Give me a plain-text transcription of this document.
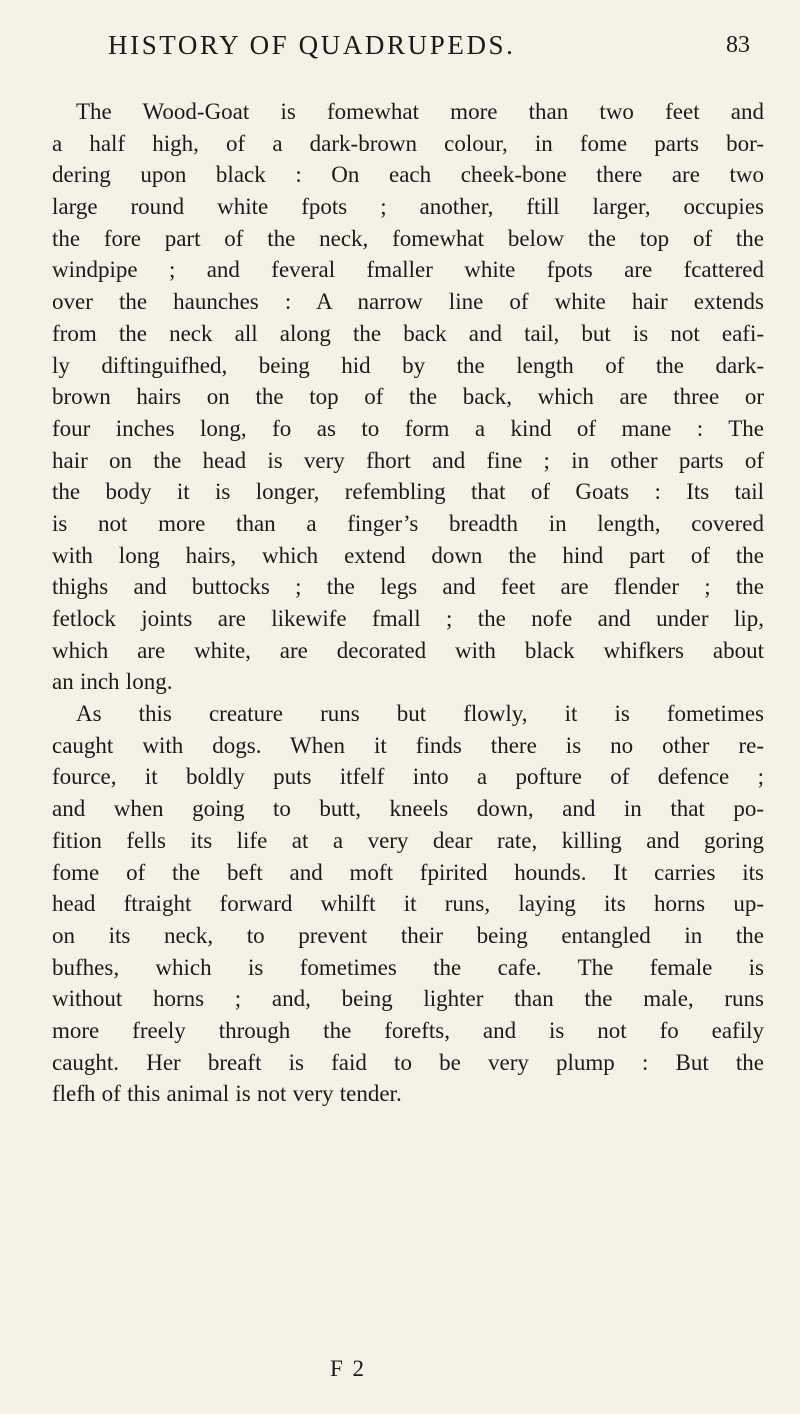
HISTORY OF QUADRUPEDS.	83

The Wood-Goat is fomewhat more than two feet and
a half high, of a dark-brown colour, in fome parts bor-
dering upon black : On each cheek-bone there are two
large round white fpots ; another, ftill larger, occupies
the fore part of the neck, fomewhat below the top of the
windpipe ; and feveral fmaller white fpots are fcattered
over the haunches : A narrow line of white hair extends
from the neck all along the back and tail, but is not eafi-
ly diftinguifhed, being hid by the length of the dark-
brown hairs on the top of the back, which are three or
four inches long, fo as to form a kind of mane : The
hair on the head is very fhort and fine ; in other parts of
the body it is longer, refembling that of Goats : Its tail
is not more than a finger’s breadth in length, covered
with long hairs, which extend down the hind part of the
thighs and buttocks ; the legs and feet are flender ; the
fetlock joints are likewife fmall ; the nofe and under lip,
which are white, are decorated with black whifkers about
an inch long.

As this creature runs but flowly, it is fometimes
caught with dogs. When it finds there is no other re-
fource, it boldly puts itfelf into a pofture of defence ;
and when going to butt, kneels down, and in that po-
fition fells its life at a very dear rate, killing and goring
fome of the beft and moft fpirited hounds. It carries its
head ftraight forward whilft it runs, laying its horns up-
on its neck, to prevent their being entangled in the
bufhes, which is fometimes the cafe. The female is
without horns ; and, being lighter than the male, runs
more freely through the forefts, and is not fo eafily
caught. Her breaft is faid to be very plump : But the
flefh of this animal is not very tender.

F 2
